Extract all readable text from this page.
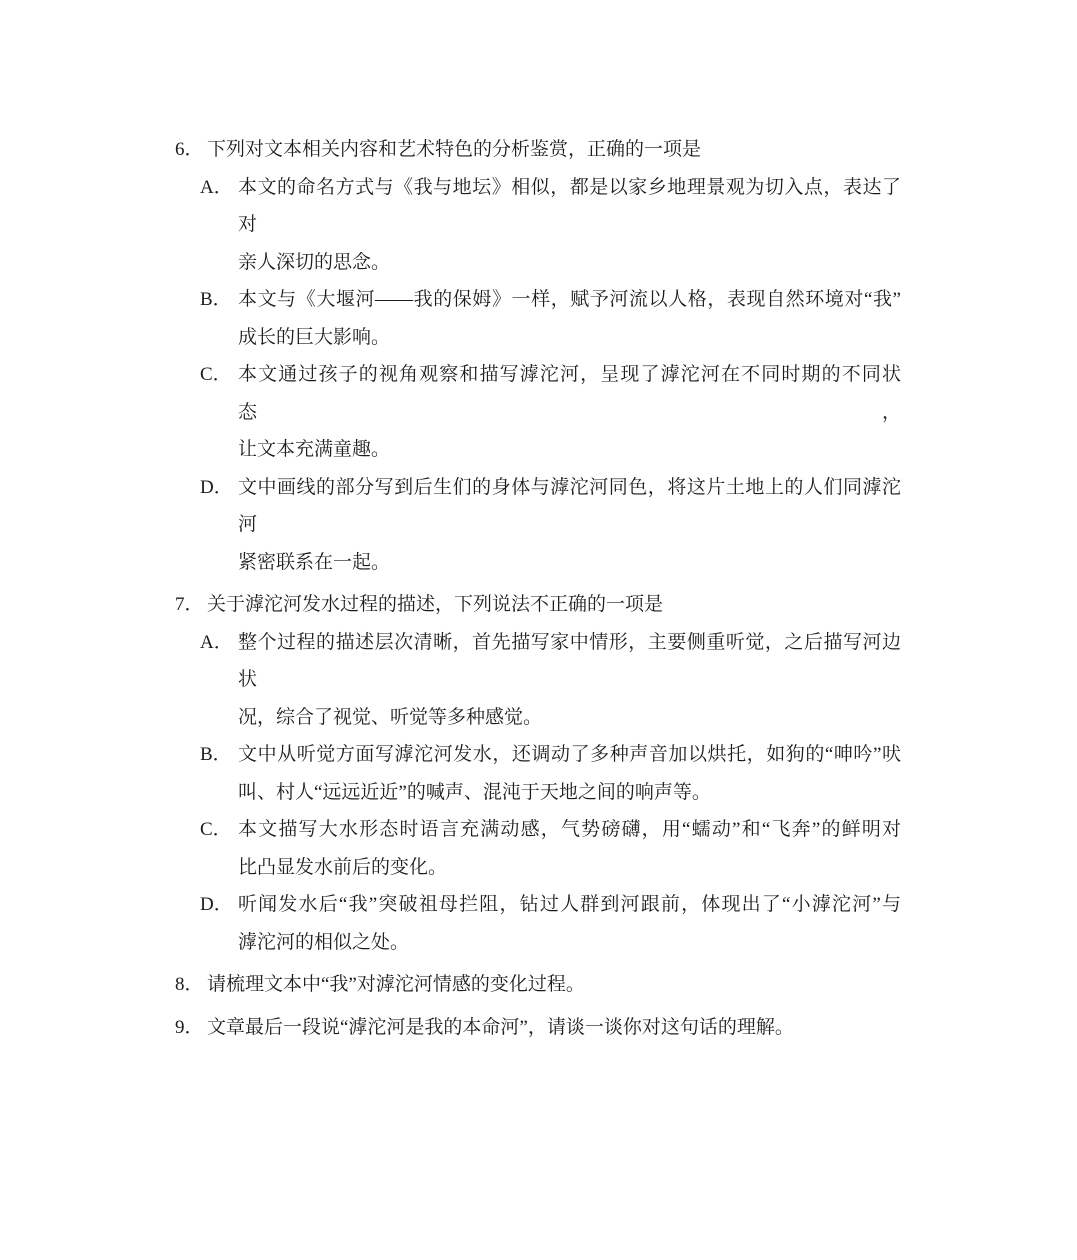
6． 下列对文本相关内容和艺术特色的分析鉴赏，正确的一项是
A． 本文的命名方式与《我与地坛》相似，都是以家乡地理景观为切入点，表达了对
亲人深切的思念。
B． 本文与《大堰河——我的保姆》一样，赋予河流以人格，表现自然环境对“我”
成长的巨大影响。
C． 本文通过孩子的视角观察和描写滹沱河，呈现了滹沱河在不同时期的不同状态，
让文本充满童趣。
D． 文中画线的部分写到后生们的身体与滹沱河同色，将这片土地上的人们同滹沱河
紧密联系在一起。
7． 关于滹沱河发水过程的描述，下列说法不正确的一项是
A． 整个过程的描述层次清晰，首先描写家中情形，主要侧重听觉，之后描写河边状
况，综合了视觉、听觉等多种感觉。
B． 文中从听觉方面写滹沱河发水，还调动了多种声音加以烘托，如狗的“呻吟”吠
叫、村人“远远近近”的喊声、混沌于天地之间的响声等。
C． 本文描写大水形态时语言充满动感，气势磅礴，用“蠕动”和“飞奔”的鲜明对
比凸显发水前后的变化。
D． 听闻发水后“我”突破祖母拦阻，钻过人群到河跟前，体现出了“小滹沱河”与
滹沱河的相似之处。
8． 请梳理文本中“我”对滹沱河情感的变化过程。
9． 文章最后一段说“滹沱河是我的本命河”，请谈一谈你对这句话的理解。
